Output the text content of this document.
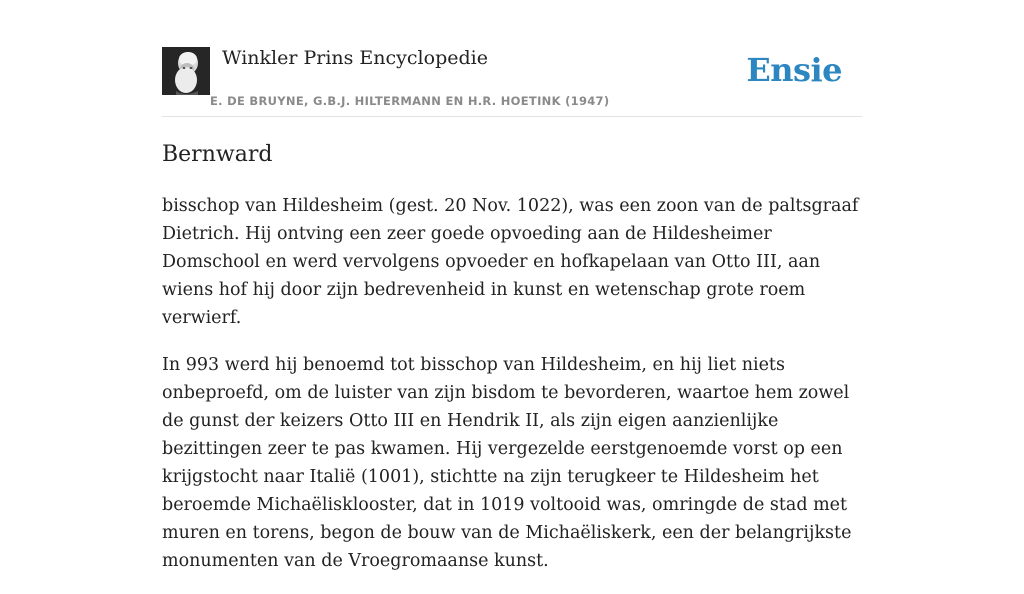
Winkler Prins Encyclopedie
E. DE BRUYNE, G.B.J. HILTERMANN EN H.R. HOETINK (1947)
Ensie
Bernward

bisschop van Hildesheim (gest. 20 Nov. 1022), was een zoon van de paltsgraaf Dietrich. Hij ontving een zeer goede opvoeding aan de Hildesheimer Domschool en werd vervolgens opvoeder en hofkapelaan van Otto III, aan wiens hof hij door zijn bedrevenheid in kunst en wetenschap grote roem verwierf.

In 993 werd hij benoemd tot bisschop van Hildesheim, en hij liet niets onbeproefd, om de luister van zijn bisdom te bevorderen, waartoe hem zowel de gunst der keizers Otto III en Hendrik II, als zijn eigen aanzienlijke bezittingen zeer te pas kwamen. Hij vergezelde eerstgenoemde vorst op een krijgstocht naar Italië (1001), stichtte na zijn terugkeer te Hildesheim het beroemde Michaëlisklooster, dat in 1019 voltooid was, omringde de stad met muren en torens, begon de bouw van de Michaëliskerk, een der belangrijkste monumenten van de Vroegromaanse kunst.
